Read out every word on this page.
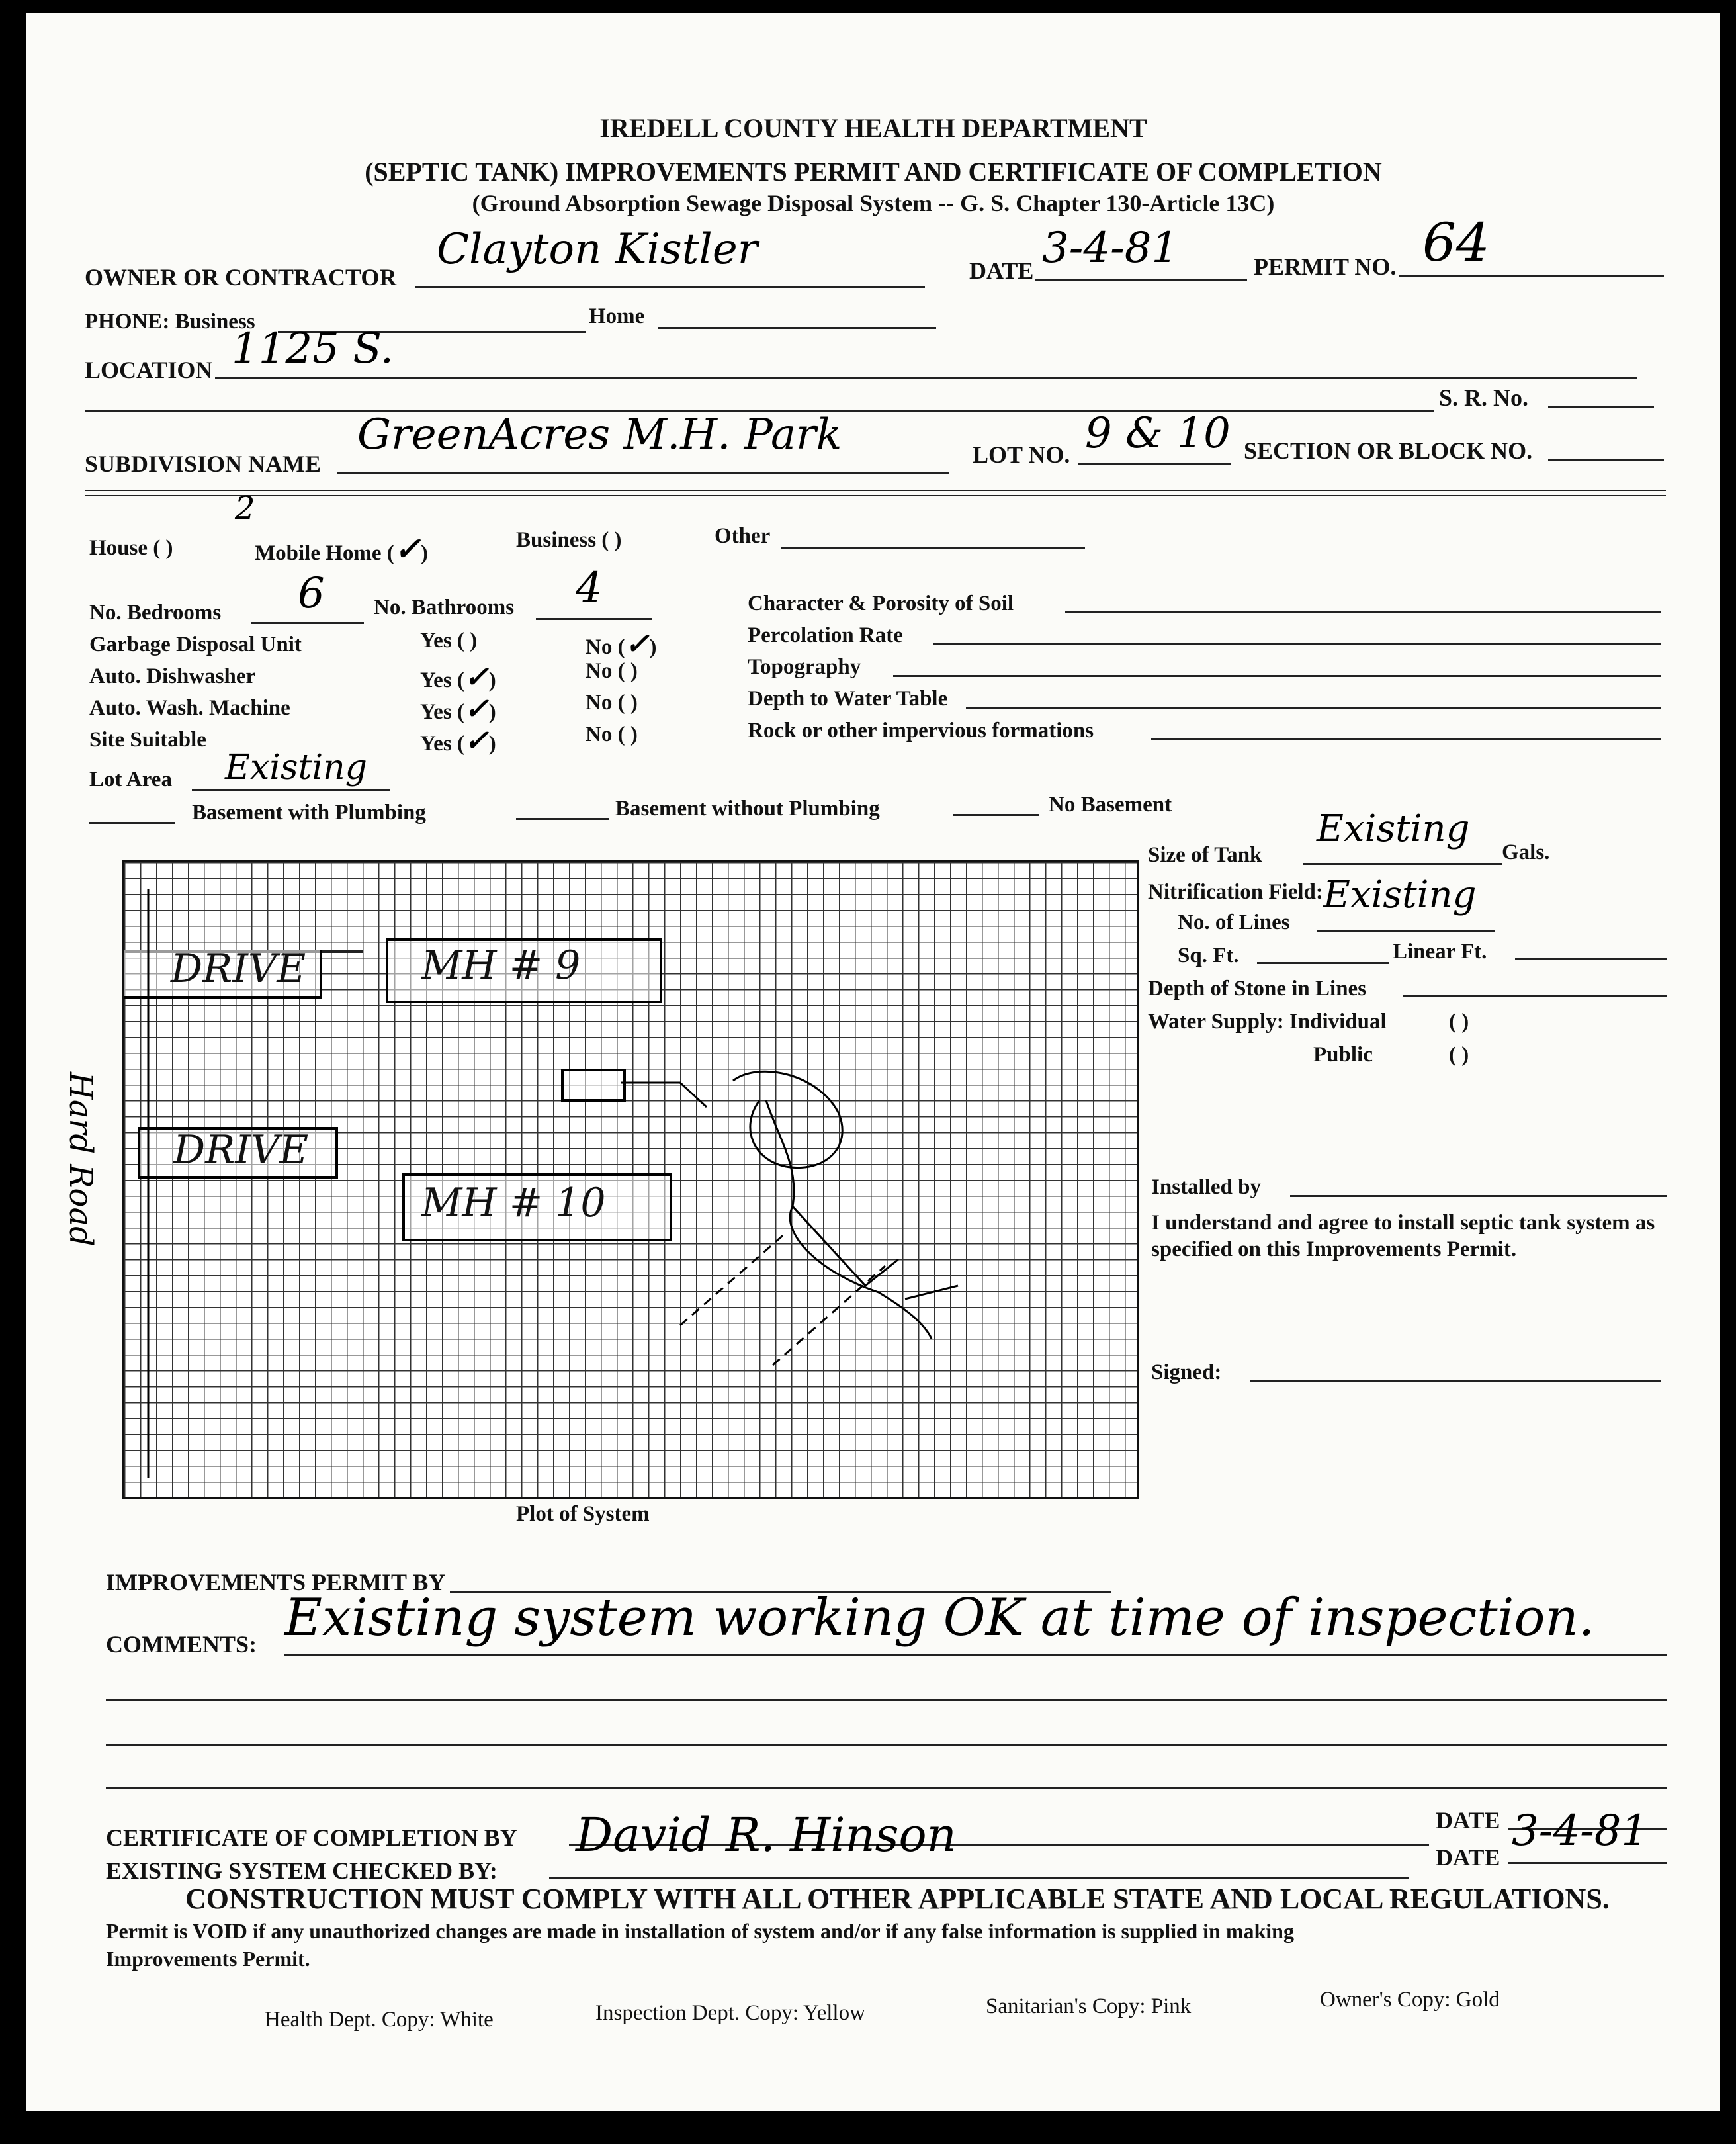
IREDELL COUNTY HEALTH DEPARTMENT
(SEPTIC TANK) IMPROVEMENTS PERMIT AND CERTIFICATE OF COMPLETION
(Ground Absorption Sewage Disposal System -- G. S. Chapter 130-Article 13C)
OWNER OR CONTRACTOR
Clayton Kistler	DATE 3-4-81	PERMIT NO. 64
PHONE: Business	Home
LOCATION 1125 S.
S. R. No.
SUBDIVISION NAME
GreenAcres M.H. Park	LOT NO. 9 & 10 SECTION OR BLOCK NO.
House ( )
2
Mobile Home (✓)
Business ( )	Other
No. Bedrooms 6 No. Bathrooms 4
Garbage Disposal Unit	Yes ( )	No (✓)
Auto. Dishwasher	Yes (✓)	No ( )
Auto. Wash. Machine	Yes (✓)	No ( )
Site Suitable	Yes (✓)	No ( )
Character & Porosity of Soil
Percolation Rate
Topography
Depth to Water Table
Rock or other impervious formations
Lot Area Existing
Basement with Plumbing	Basement without Plumbing	No Basement
DRIVE	MH # 9
DRIVE
MH # 10
Hard Road
Plot of System
Size of Tank
Existing
Gals.
Nitrification Field:
No. of Lines
Existing
Sq. Ft.	Linear Ft.
Depth of Stone in Lines
Water Supply: Individual	( )
Public	( )
Installed by
I understand and agree to install septic tank system as specified on this Improvements Permit.
Signed:
IMPROVEMENTS PERMIT BY
COMMENTS: Existing system working OK at time of inspection.
CERTIFICATE OF COMPLETION BY
DATE
EXISTING SYSTEM CHECKED BY:
David R. Hinson	DATE
3-4-81
CONSTRUCTION MUST COMPLY WITH ALL OTHER APPLICABLE STATE AND LOCAL REGULATIONS.
Permit is VOID if any unauthorized changes are made in installation of system and/or if any false information is supplied in making
Improvements Permit.
Health Dept. Copy: White	Inspection Dept. Copy: Yellow	Sanitarian's Copy: Pink	Owner's Copy: Gold
